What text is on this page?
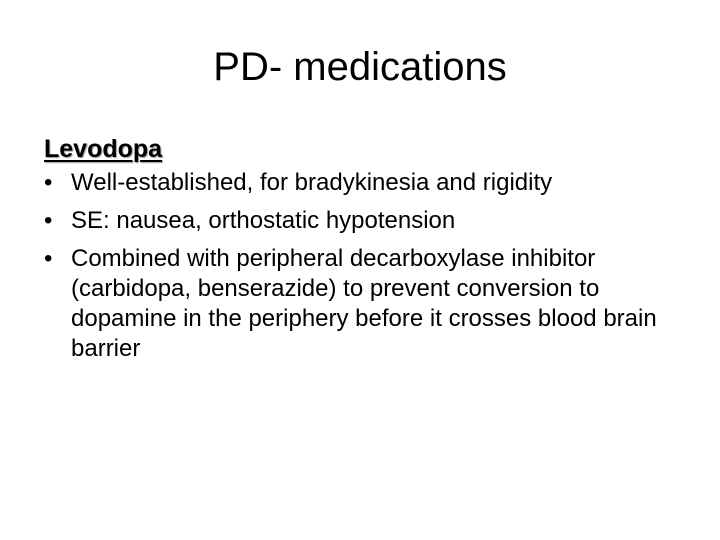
PD- medications
Levodopa
• Well-established, for bradykinesia and rigidity
• SE: nausea, orthostatic hypotension
• Combined with peripheral decarboxylase inhibitor (carbidopa, benserazide) to prevent conversion to dopamine in the periphery before it crosses blood brain barrier
